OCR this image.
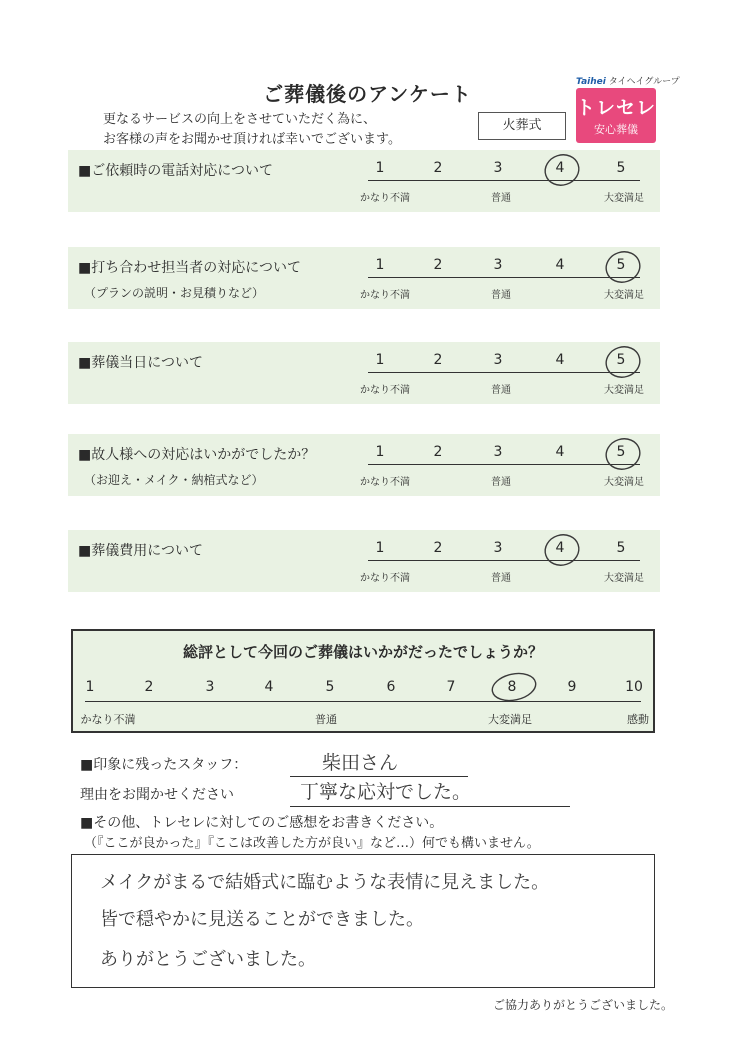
ご葬儀後のアンケート
更なるサービスの向上をさせていただく為に、
お客様の声をお聞かせ頂ければ幸いでございます。
火葬式
Taihei タイヘイグループ
トレセレ
安心葬儀
■ご依頼時の電話対応について	1	2	3	4	5
かなり不満	普通	大変満足
■打ち合わせ担当者の対応について
（プランの説明・お見積りなど）
1	2	3	4	5
かなり不満	普通	大変満足
■葬儀当日について	1	2	3	4	5
かなり不満	普通	大変満足
■故人様への対応はいかがでしたか？
（お迎え・メイク・納棺式など）
1	2	3	4	5
かなり不満	普通	大変満足
■葬儀費用について	1	2	3	4	5
かなり不満	普通	大変満足
総評として今回のご葬儀はいかがだったでしょうか？
1	2	3	4	5	6	7	8	9	10
かなり不満	普通	大変満足	感動
■印象に残ったスタッフ：	柴田さん
理由をお聞かせください	丁寧な応対でした。
■その他、トレセレに対してのご感想をお書きください。
（『ここが良かった』『ここは改善した方が良い』など…）何でも構いません。
メイクがまるで結婚式に臨むような表情に見えました。
皆で穏やかに見送ることができました。
ありがとうございました。
ご協力ありがとうございました。
